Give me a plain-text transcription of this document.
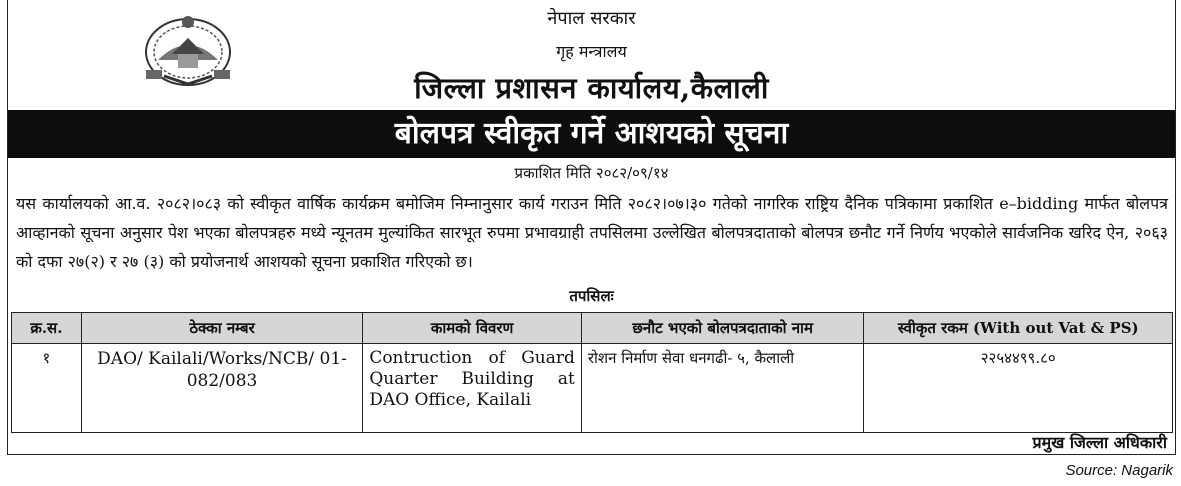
नेपाल सरकार
गृह मन्त्रालय
जिल्ला प्रशासन कार्यालय,कैलाली
बोलपत्र स्वीकृत गर्ने आशयको सूचना
प्रकाशित मिति २०८२/०९/१४
यस कार्यालयको आ.व. २०८२।०८३ को स्वीकृत वार्षिक कार्यक्रम बमोजिम निम्नानुसार कार्य गराउन मिति २०८२।०७।३० गतेको नागरिक राष्ट्रिय दैनिक पत्रिकामा प्रकाशित e–bidding मार्फत बोलपत्र आव्हानको सूचना अनुसार पेश भएका बोलपत्रहरु मध्ये न्यूनतम मुल्यांकित सारभूत रुपमा प्रभावग्राही तपसिलमा उल्लेखित बोलपत्रदाताको बोलपत्र छनौट गर्ने निर्णय भएकोले सार्वजनिक खरिद ऐन, २०६३ को दफा २७(२) र २७ (३) को प्रयोजनार्थ आशयको सूचना प्रकाशित गरिएको छ।
तपसिलः
क्र.स.	ठेक्का नम्बर	कामको विवरण	छनौट भएको बोलपत्रदाताको नाम	स्वीकृत रकम (With out Vat & PS)
१	DAO/ Kailali/Works/NCB/ 01-082/083	Contruction of Guard Quarter Building at DAO Office, Kailali	रोशन निर्माण सेवा धनगढी- ५, कैलाली	२२५४४९९.८०
प्रमुख जिल्ला अधिकारी
Source: Nagarik
